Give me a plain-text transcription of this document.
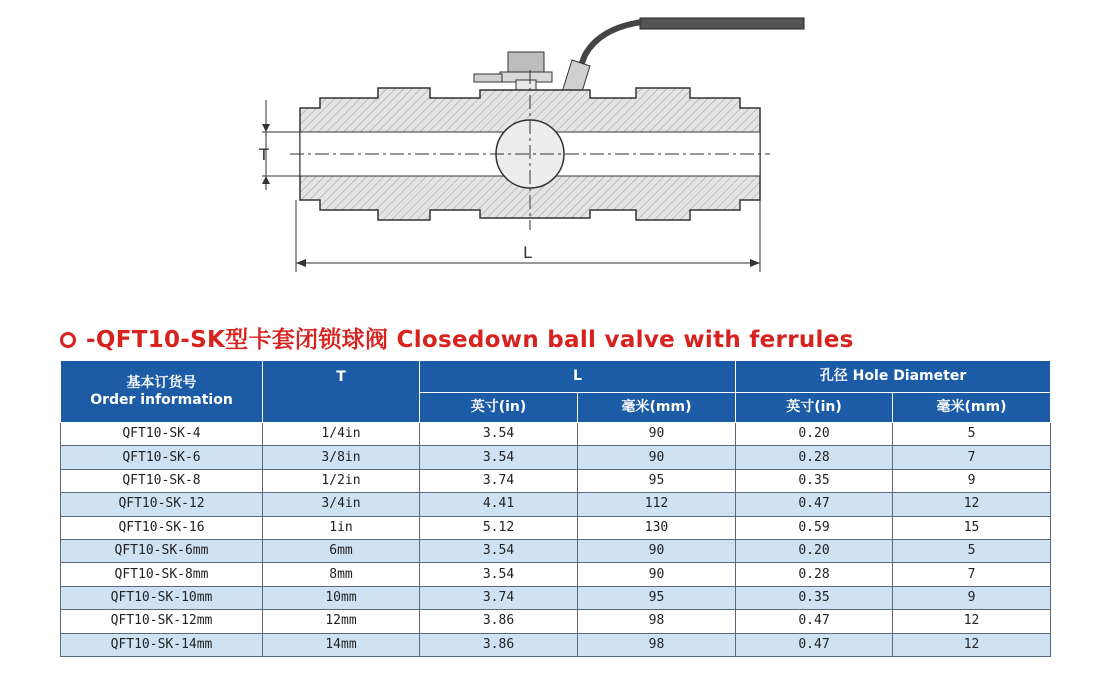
T
L
-QFT10-SK型卡套闭锁球阀 Closedown ball valve with ferrules
基本订货号
Order information	T	L		孔径 Hole Diameter	
		英寸(in)	毫米(mm)	英寸(in)	毫米(mm)
QFT10-SK-4	1/4in	3.54	90	0.20	5
QFT10-SK-6	3/8in	3.54	90	0.28	7
QFT10-SK-8	1/2in	3.74	95	0.35	9
QFT10-SK-12	3/4in	4.41	112	0.47	12
QFT10-SK-16	1in	5.12	130	0.59	15
QFT10-SK-6mm	6mm	3.54	90	0.20	5
QFT10-SK-8mm	8mm	3.54	90	0.28	7
QFT10-SK-10mm	10mm	3.74	95	0.35	9
QFT10-SK-12mm	12mm	3.86	98	0.47	12
QFT10-SK-14mm	14mm	3.86	98	0.47	12
